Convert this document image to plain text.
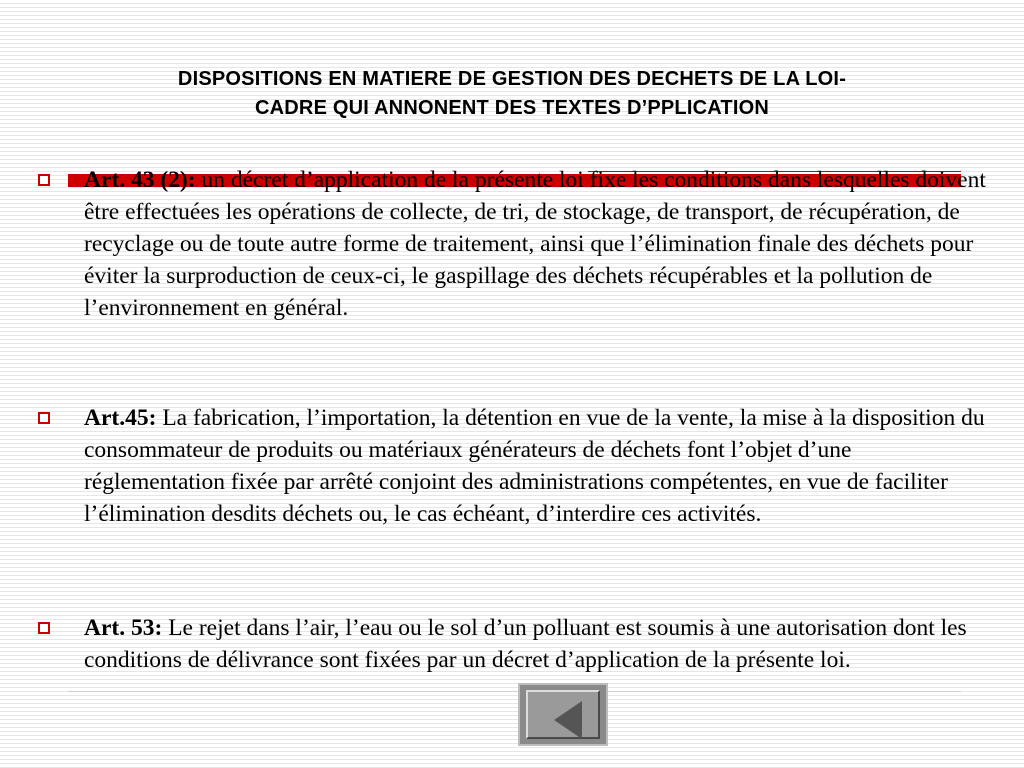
DISPOSITIONS EN MATIERE DE GESTION DES DECHETS DE LA LOI-
CADRE QUI ANNONENT DES TEXTES D’PPLICATION

Art. 43 (2): un décret d’application de la présente loi fixe les conditions dans lesquelles doivent être effectuées les opérations de collecte, de tri, de stockage, de transport, de récupération, de recyclage ou de toute autre forme de traitement, ainsi que l’élimination finale des déchets pour éviter la surproduction de ceux-ci, le gaspillage des déchets récupérables et la pollution de l’environnement en général.

Art.45: La fabrication, l’importation, la détention en vue de la vente, la mise à la disposition du consommateur de produits ou matériaux générateurs de déchets font l’objet d’une réglementation fixée par arrêté conjoint des administrations compétentes, en vue de faciliter l’élimination desdits déchets ou, le cas échéant, d’interdire ces activités.

Art. 53: Le rejet dans l’air, l’eau ou le sol d’un polluant est soumis à une autorisation dont les conditions de délivrance sont fixées par un décret d’application de la présente loi.
